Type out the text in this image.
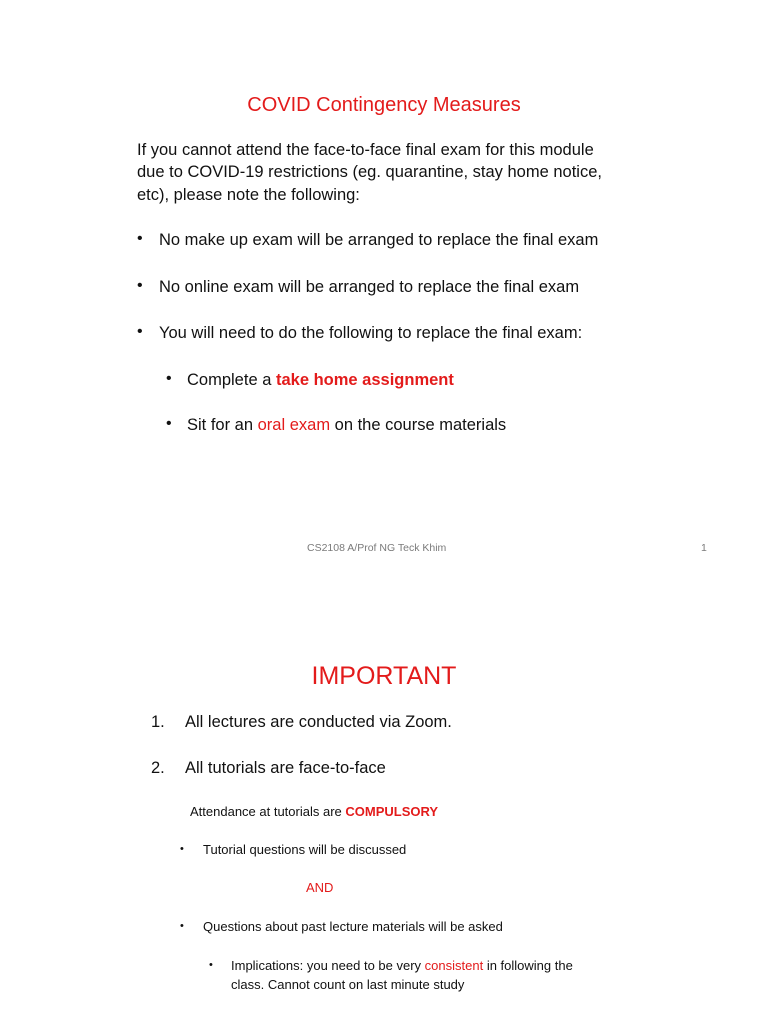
COVID Contingency Measures
If you cannot attend the face-to-face final exam for this module
due to COVID-19 restrictions (eg. quarantine, stay home notice,
etc), please note the following:
• No make up exam will be arranged to replace the final exam
• No online exam will be arranged to replace the final exam
• You will need to do the following to replace the final exam:
• Complete a take home assignment
• Sit for an oral exam on the course materials
CS2108 A/Prof NG Teck Khim	1
IMPORTANT
1. All lectures are conducted via Zoom.
2. All tutorials are face-to-face
Attendance at tutorials are COMPULSORY
• Tutorial questions will be discussed
AND
• Questions about past lecture materials will be asked
• Implications: you need to be very consistent in following the
class. Cannot count on last minute study
